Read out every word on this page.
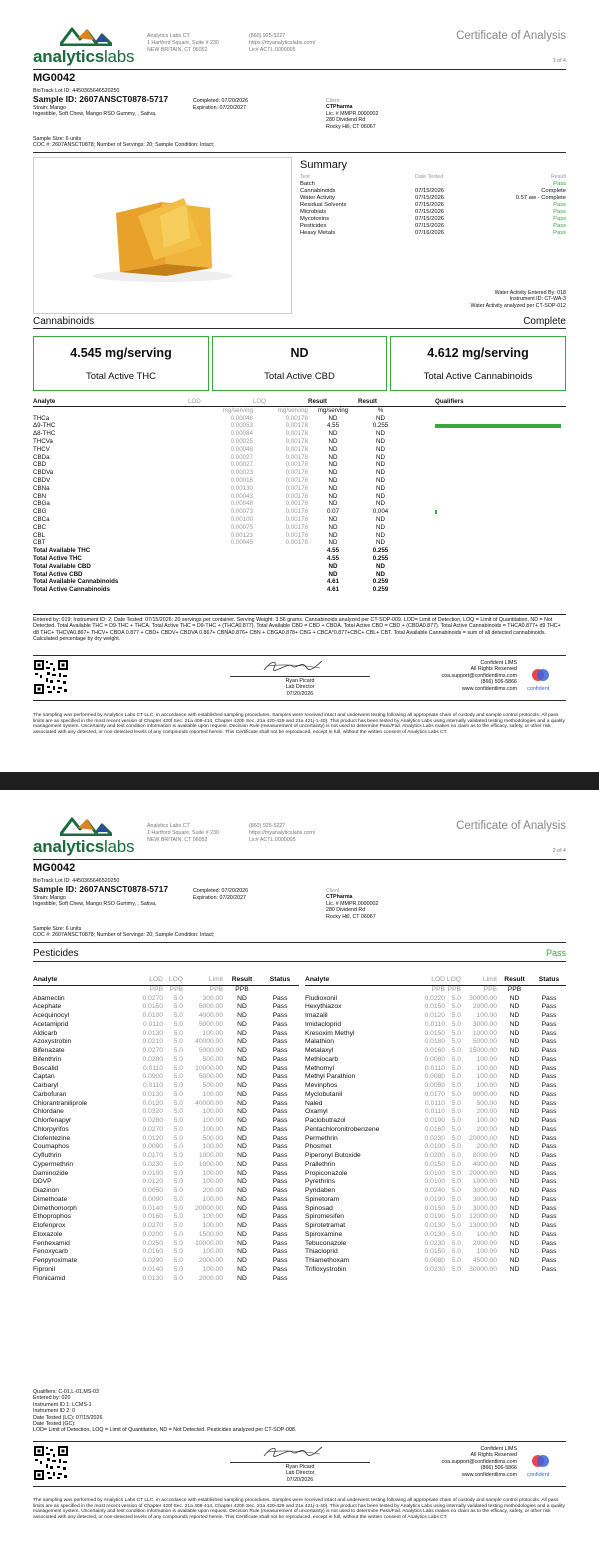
analyticslabs
Analytics Labs CT
1 Hartford Square, Suite # 230
NEW BRITAIN, CT 06052
(860) 925-5227
https://myanalyticslabs.com/
Lic# ACTL.0000005
Certificate of Analysis
1 of 4
MG0042
BioTrack Lot ID: 4450365646520250
Sample ID: 2607ANSCT0878-5717	Completed: 07/20/2026
Expiration: 07/20/2027
Strain: Mango
Ingestible, Soft Chew, Mango RSO Gummy, , Sativa,
Client
CTPharma
Lic. # MMPR.0000002
280 Dividend Rd
Rocky Hill, CT 06067
Sample Size: 6 units
COC #: 2607ANSCT0878; Number of Servings: 20; Sample Condition: Intact;
Summary
Test	Date Tested	Result
Batch	Pass
Cannabinoids	07/15/2026	Complete
Water Activity	07/15/2026	0.57 aw - Complete
Residual Solvents	07/15/2026	Pass
Microbials	07/15/2026	Pass
Mycotoxins	07/15/2026	Pass
Pesticides	07/15/2026	Pass
Heavy Metals	07/16/2026	Pass
Water Activity Entered By: 018
Instrument ID: CT-WA-3
Water Activity analyzed per CT-SOP-012
Cannabinoids	Complete
4.545 mg/serving
Total Active THC
ND
Total Active CBD
4.612 mg/serving
Total Active Cannabinoids
Analyte	LOD	LOQ	Result	Result		Qualifiers
	mg/serving	mg/serving	mg/serving	%		
THCa	0.00048	0.00178	ND	ND		
Δ9-THC	0.00053	0.00178	4.55	0.255		

Δ8-THC	0.00084	0.00178	ND	ND		
THCVa	0.00025	0.00178	ND	ND		
THCV	0.00048	0.00178	ND	ND		
CBDa	0.00027	0.00178	ND	ND		
CBD	0.00027	0.00178	ND	ND		
CBDVa	0.00023	0.00178	ND	ND		
CBDV	0.00016	0.00178	ND	ND		
CBNa	0.00130	0.00178	ND	ND		
CBN	0.00043	0.00178	ND	ND		
CBGa	0.00048	0.00178	ND	ND		
CBG	0.00073	0.00178	0.07	0.004		

CBCa	0.00100	0.00178	ND	ND		
CBC	0.00075	0.00178	ND	ND		
CBL	0.00123	0.00178	ND	ND		
CBT	0.00045	0.00178	ND	ND		
Total Available THC			4.55	0.255		
Total Active THC			4.55	0.255		
Total Available CBD			ND	ND		
Total Active CBD			ND	ND		
Total Available Cannabinoids			4.61	0.259		
Total Active Cannabinoids			4.61	0.259		
Entered by: 019; Instrument ID: 2; Date Tested: 07/15/2026; 20 servings per container. Serving Weight: 3.56 grams. Cannabinoids analyzed per CT-SOP-009. LOD= Limit of Detection, LOQ = Limit of Quantitation, ND = Not Detected. Total Available THC = D9-THC + THCA. Total Active THC = D9-THC + (THCA0.877). Total Available CBD = CBD + CBDA. Total Active CBD = CBD + (CBDA0.877). Total Active Cannabinoids = THCA0.877+ d9 THC+ d8 THC+ THCVA0.867+ THCV+ CBDA 0.877 + CBD+ CBDV+ CBDVA 0.867+ CBNA0.876+ CBN + CBGA0.878+ CBG + CBCA*0.877+CBC+ CBL+ CBT. Total Available Cannabinoids = sum of all detected cannabinoids. Calculated percentage by dry weight.
Ryan Picard
Lab Director
07/20/2026
Confident LIMS
All Rights Reserved
coa.support@confidentlims.com
(866) 506-5866
www.confidentlims.com confident
The sampling was performed by Analytics Labs CT LLC, in accordance with established sampling procedures. Samples were received intact and underwent testing following all appropriate chain of custody and sample control protocols. All pass limits are as specified in the most recent version of Chapter 420f Sec. 21a 408-414, Chapter 420h Sec. 21a 420-429 and 21a 421j-1-40). This product has been tested by Analytics Labs using internally validated testing methodologies and a quality management system. Uncertainty and test condition information is available upon request. Decision Rule (measurement of uncertainty) is not used to determine Pass/Fail. Analytics Labs makes no claim as to the efficacy, safety, or other risk associated with any detected, or non-detected levels of any compounds reported herein. This Certificate shall not be reproduced, except in full, without the written consent of Analytics Labs CT.
analyticslabs
Analytics Labs CT
1 Hartford Square, Suite # 230
NEW BRITAIN, CT 06052
(860) 925-5227
https://myanalyticslabs.com/
Lic# ACTL.0000005
Certificate of Analysis
2 of 4
MG0042
BioTrack Lot ID: 4450365646520250
Sample ID: 2607ANSCT0878-5717	Completed: 07/20/2026
Expiration: 07/20/2027
Strain: Mango
Ingestible, Soft Chew, Mango RSO Gummy, , Sativa,
Client
CTPharma
Lic. # MMPR.0000002
280 Dividend Rd
Rocky Hill, CT 06067
Sample Size: 6 units
COC #: 2607ANSCT0878; Number of Servings: 20; Sample Condition: Intact;
Pesticides	Pass
Analyte	LOD	LOQ	Limit	Result	Status
	PPB	PPB	PPB	PPB	
Abamectin	0.0270	5.0	300.00	ND	Pass
Acephate	0.0150	5.0	5000.00	ND	Pass
Acequinocyl	0.0100	5.0	4000.00	ND	Pass
Acetamiprid	0.0110	5.0	5000.00	ND	Pass
Aldicarb	0.0130	5.0	100.00	ND	Pass
Azoxystrobin	0.0210	5.0	40000.00	ND	Pass
Bifenazate	0.0270	5.0	5000.00	ND	Pass
Bifenthrin	0.0280	5.0	500.00	ND	Pass
Boscalid	0.0110	5.0	10000.00	ND	Pass
Captan	0.0900	5.0	5000.00	ND	Pass
Carbaryl	0.0110	5.0	500.00	ND	Pass
Carbofuran	0.0130	5.0	100.00	ND	Pass
Chlorantraniliprole	0.0120	5.0	40000.00	ND	Pass
Chlordane	0.0320	5.0	100.00	ND	Pass
Chlorfenapyr	0.0280	5.0	100.00	ND	Pass
Chlorpyrifos	0.0270	5.0	100.00	ND	Pass
Clofentezine	0.0120	5.0	500.00	ND	Pass
Coumaphos	0.0090	5.0	100.00	ND	Pass
Cyfluthrin	0.0170	5.0	1000.00	ND	Pass
Cypermethrin	0.0230	5.0	1000.00	ND	Pass
Daminozide	0.0100	5.0	100.00	ND	Pass
DDVP	0.0120	5.0	100.00	ND	Pass
Diazinon	0.0050	5.0	200.00	ND	Pass
Dimethoate	0.0090	5.0	100.00	ND	Pass
Dimethomorph	0.0140	5.0	20000.00	ND	Pass
Ethoprophos	0.0160	5.0	100.00	ND	Pass
Etofenprox	0.0270	5.0	100.00	ND	Pass
Etoxazole	0.0200	5.0	1500.00	ND	Pass
Fenhexamid	0.0250	5.0	10000.00	ND	Pass
Fenoxycarb	0.0160	5.0	100.00	ND	Pass
Fenpyroximate	0.0290	5.0	2000.00	ND	Pass
Fipronil	0.0140	5.0	100.00	ND	Pass
Flonicamid	0.0130	5.0	2000.00	ND	Pass
Analyte	LOD	LOQ	Limit	Result	Status
	PPB	PPB	PPB	PPB	
Fludioxonil	0.0220	5.0	30000.00	ND	Pass
Hexythiazox	0.0150	5.0	2000.00	ND	Pass
Imazalil	0.0120	5.0	100.00	ND	Pass
Imidacloprid	0.0110	5.0	3000.00	ND	Pass
Kresoxim Methyl	0.0150	5.0	1000.00	ND	Pass
Malathion	0.0180	5.0	5000.00	ND	Pass
Metalaxyl	0.0160	5.0	15000.00	ND	Pass
Methiocarb	0.0080	5.0	100.00	ND	Pass
Methomyl	0.0110	5.0	100.00	ND	Pass
Methyl Parathion	0.0080	5.0	100.00	ND	Pass
Mevinphos	0.0080	5.0	100.00	ND	Pass
Myclobutanil	0.0170	5.0	9000.00	ND	Pass
Naled	0.0110	5.0	500.00	ND	Pass
Oxamyl	0.0110	5.0	200.00	ND	Pass
Paclobutrazol	0.0190	5.0	100.00	ND	Pass
Pentachloronitrobenzene	0.0160	5.0	200.00	ND	Pass
Permethrin	0.0230	5.0	20000.00	ND	Pass
Phosmet	0.0100	5.0	200.00	ND	Pass
Piperonyl Butoxide	0.0200	5.0	8000.00	ND	Pass
Prallethrin	0.0150	5.0	4000.00	ND	Pass
Propiconazole	0.0100	5.0	20000.00	ND	Pass
Pyrethrins	0.0100	5.0	1000.00	ND	Pass
Pyridaben	0.0240	5.0	3000.00	ND	Pass
Spinetoram	0.0190	5.0	3000.00	ND	Pass
Spinosad	0.0150	5.0	3000.00	ND	Pass
Spiromesifen	0.0190	5.0	12000.00	ND	Pass
Spirotetramat	0.0130	5.0	13000.00	ND	Pass
Spiroxamine	0.0130	5.0	100.00	ND	Pass
Tebuconazole	0.0230	5.0	2000.00	ND	Pass
Thiacloprid	0.0150	5.0	100.00	ND	Pass
Thiamethoxam	0.0080	5.0	4500.00	ND	Pass
Trifloxystrobin	0.0230	5.0	30000.00	ND	Pass
Qualifiers: C-01,L-01,MS-03
Entered by: 020
Instrument ID 1: LCMS-1
Instrument ID 2: 0
Date Tested (LC): 07/15/2026
Date Tested (GC):
LOD= Limit of Detection, LOQ = Limit of Quantitation, ND = Not Detected. Pesticides analyzed per CT-SOP-008.
Ryan Picard
Lab Director
07/20/2026
Confident LIMS
All Rights Reserved
coa.support@confidentlims.com
(866) 506-5866
www.confidentlims.com confident
The sampling was performed by Analytics Labs CT LLC, in accordance with established sampling procedures. Samples were received intact and underwent testing following all appropriate chain of custody and sample control protocols. All pass limits are as specified in the most recent version of Chapter 420f Sec. 21a 408-414, Chapter 420h Sec. 21a 420-429 and 21a 421j-1-40). This product has been tested by Analytics Labs using internally validated testing methodologies and a quality management system. Uncertainty and test condition information is available upon request. Decision Rule (measurement of uncertainty) is not used to determine Pass/Fail. Analytics Labs makes no claim as to the efficacy, safety, or other risk associated with any detected, or non-detected levels of any compounds reported herein. This Certificate shall not be reproduced, except in full, without the written consent of Analytics Labs CT.
